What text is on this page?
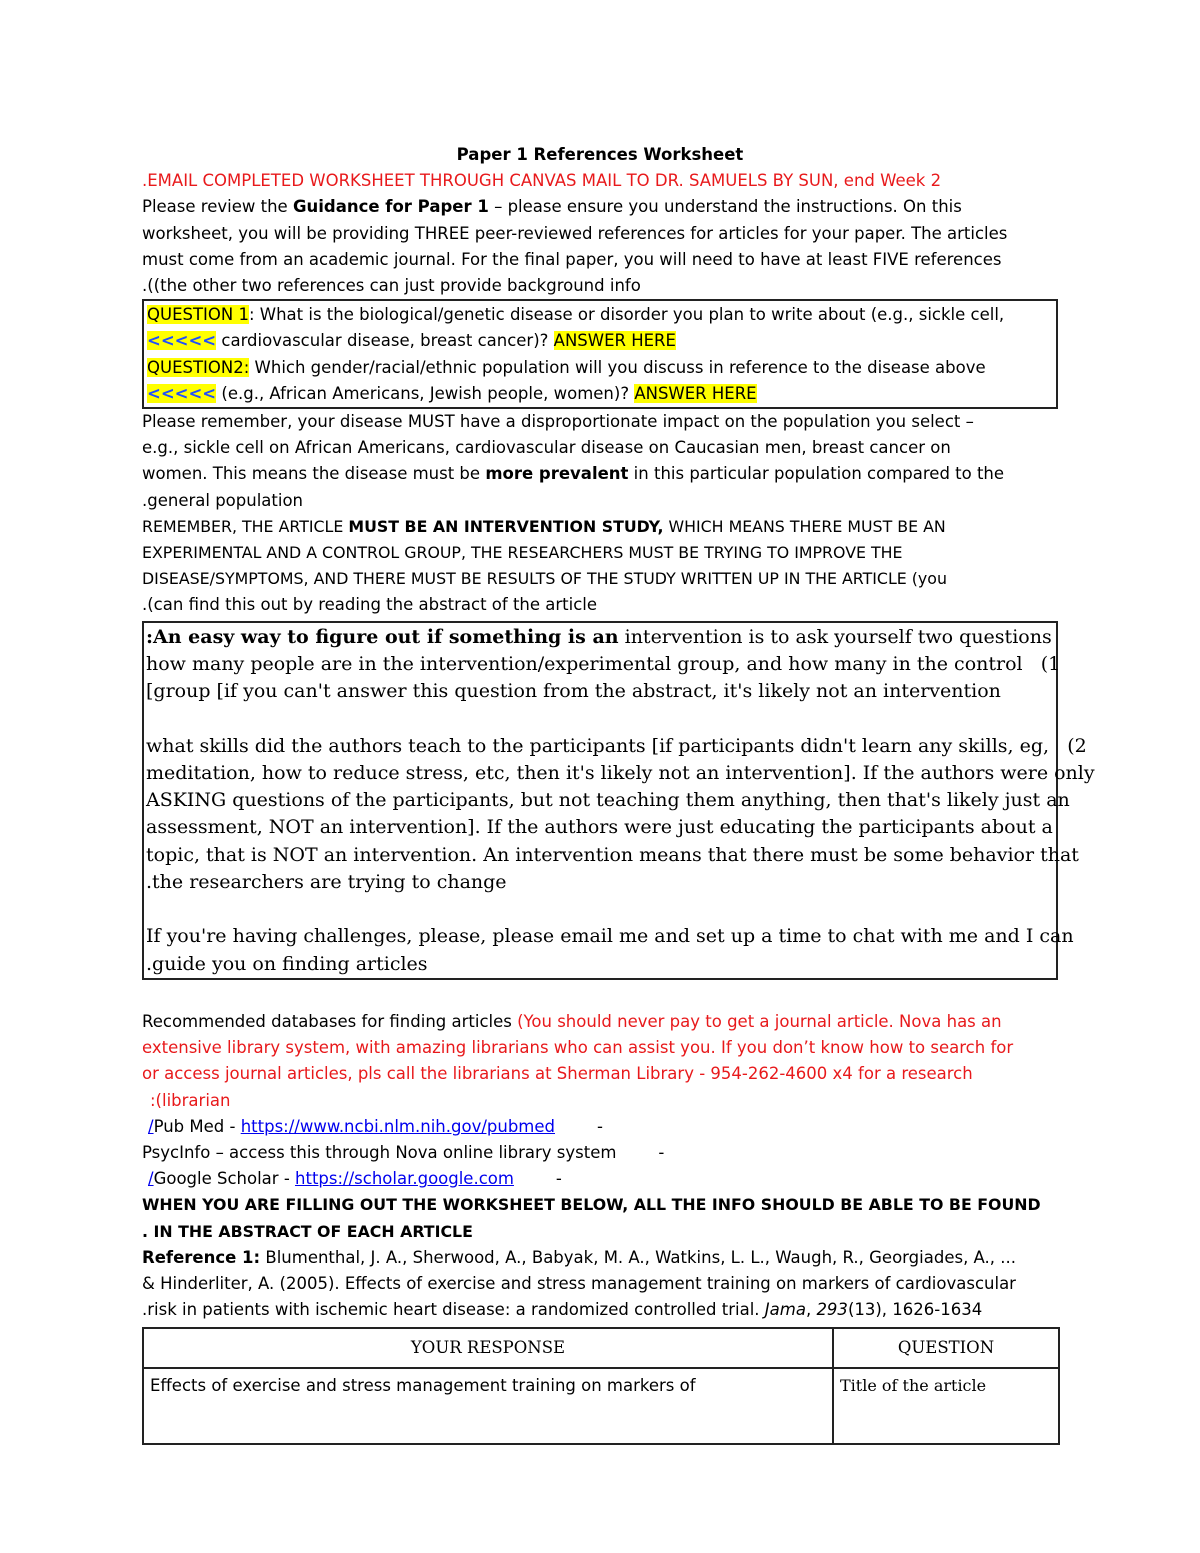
Paper 1 References Worksheet
.EMAIL COMPLETED WORKSHEET THROUGH CANVAS MAIL TO DR. SAMUELS BY SUN, end Week 2
Please review the Guidance for Paper 1 – please ensure you understand the instructions. On this
worksheet, you will be providing THREE peer-reviewed references for articles for your paper. The articles
must come from an academic journal. For the final paper, you will need to have at least FIVE references
.((the other two references can just provide background info
QUESTION 1: What is the biological/genetic disease or disorder you plan to write about (e.g., sickle cell,
<<<<< cardiovascular disease, breast cancer)? ANSWER HERE
QUESTION2: Which gender/racial/ethnic population will you discuss in reference to the disease above
<<<<< (e.g., African Americans, Jewish people, women)? ANSWER HERE
Please remember, your disease MUST have a disproportionate impact on the population you select –
e.g., sickle cell on African Americans, cardiovascular disease on Caucasian men, breast cancer on
women. This means the disease must be more prevalent in this particular population compared to the
.general population
REMEMBER, THE ARTICLE MUST BE AN INTERVENTION STUDY, WHICH MEANS THERE MUST BE AN
EXPERIMENTAL AND A CONTROL GROUP, THE RESEARCHERS MUST BE TRYING TO IMPROVE THE
DISEASE/SYMPTOMS, AND THERE MUST BE RESULTS OF THE STUDY WRITTEN UP IN THE ARTICLE (you
.(can find this out by reading the abstract of the article
:An easy way to figure out if something is an intervention is to ask yourself two questions
how many people are in the intervention/experimental group, and how many in the control (1
[group [if you can't answer this question from the abstract, it's likely not an intervention
what skills did the authors teach to the participants [if participants didn't learn any skills, eg, (2
meditation, how to reduce stress, etc, then it's likely not an intervention]. If the authors were only
ASKING questions of the participants, but not teaching them anything, then that's likely just an
assessment, NOT an intervention]. If the authors were just educating the participants about a
topic, that is NOT an intervention. An intervention means that there must be some behavior that
.the researchers are trying to change
If you're having challenges, please, please email me and set up a time to chat with me and I can
.guide you on finding articles
Recommended databases for finding articles (You should never pay to get a journal article. Nova has an
extensive library system, with amazing librarians who can assist you. If you don’t know how to search for
or access journal articles, pls call the librarians at Sherman Library - 954-262-4600 x4 for a research
:(librarian
/Pub Med - https://www.ncbi.nlm.nih.gov/pubmed	-
PsycInfo – access this through Nova online library system	-
/Google Scholar - https://scholar.google.com	-
WHEN YOU ARE FILLING OUT THE WORKSHEET BELOW, ALL THE INFO SHOULD BE ABLE TO BE FOUND
. IN THE ABSTRACT OF EACH ARTICLE
Reference 1: Blumenthal, J. A., Sherwood, A., Babyak, M. A., Watkins, L. L., Waugh, R., Georgiades, A., ...
& Hinderliter, A. (2005). Effects of exercise and stress management training on markers of cardiovascular
.risk in patients with ischemic heart disease: a randomized controlled trial. Jama, 293(13), 1626-1634
YOUR RESPONSE	QUESTION
Effects of exercise and stress management training on markers of	Title of the article
